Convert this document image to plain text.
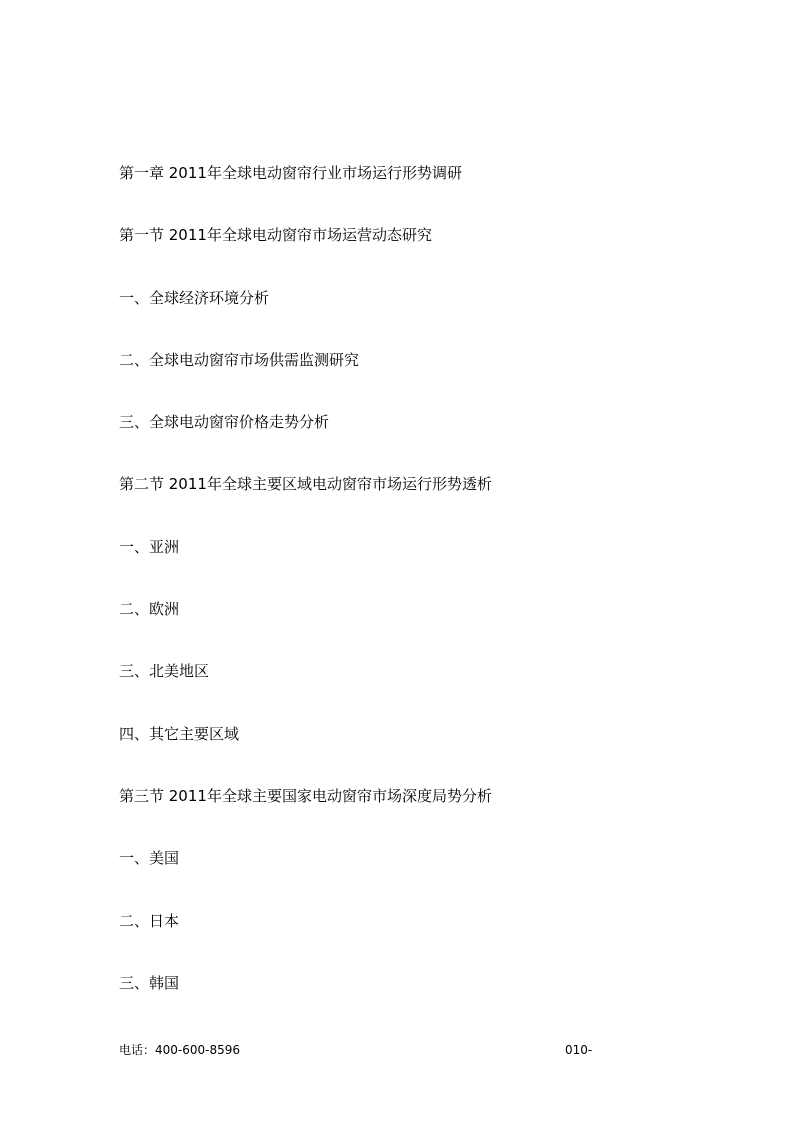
第一章 2011年全球电动窗帘行业市场运行形势调研
第一节 2011年全球电动窗帘市场运营动态研究
一、全球经济环境分析
二、全球电动窗帘市场供需监测研究
三、全球电动窗帘价格走势分析
第二节 2011年全球主要区域电动窗帘市场运行形势透析
一、亚洲
二、欧洲
三、北美地区
四、其它主要区域
第三节 2011年全球主要国家电动窗帘市场深度局势分析
一、美国
二、日本
三、韩国
电话：400-600-8596	010-
